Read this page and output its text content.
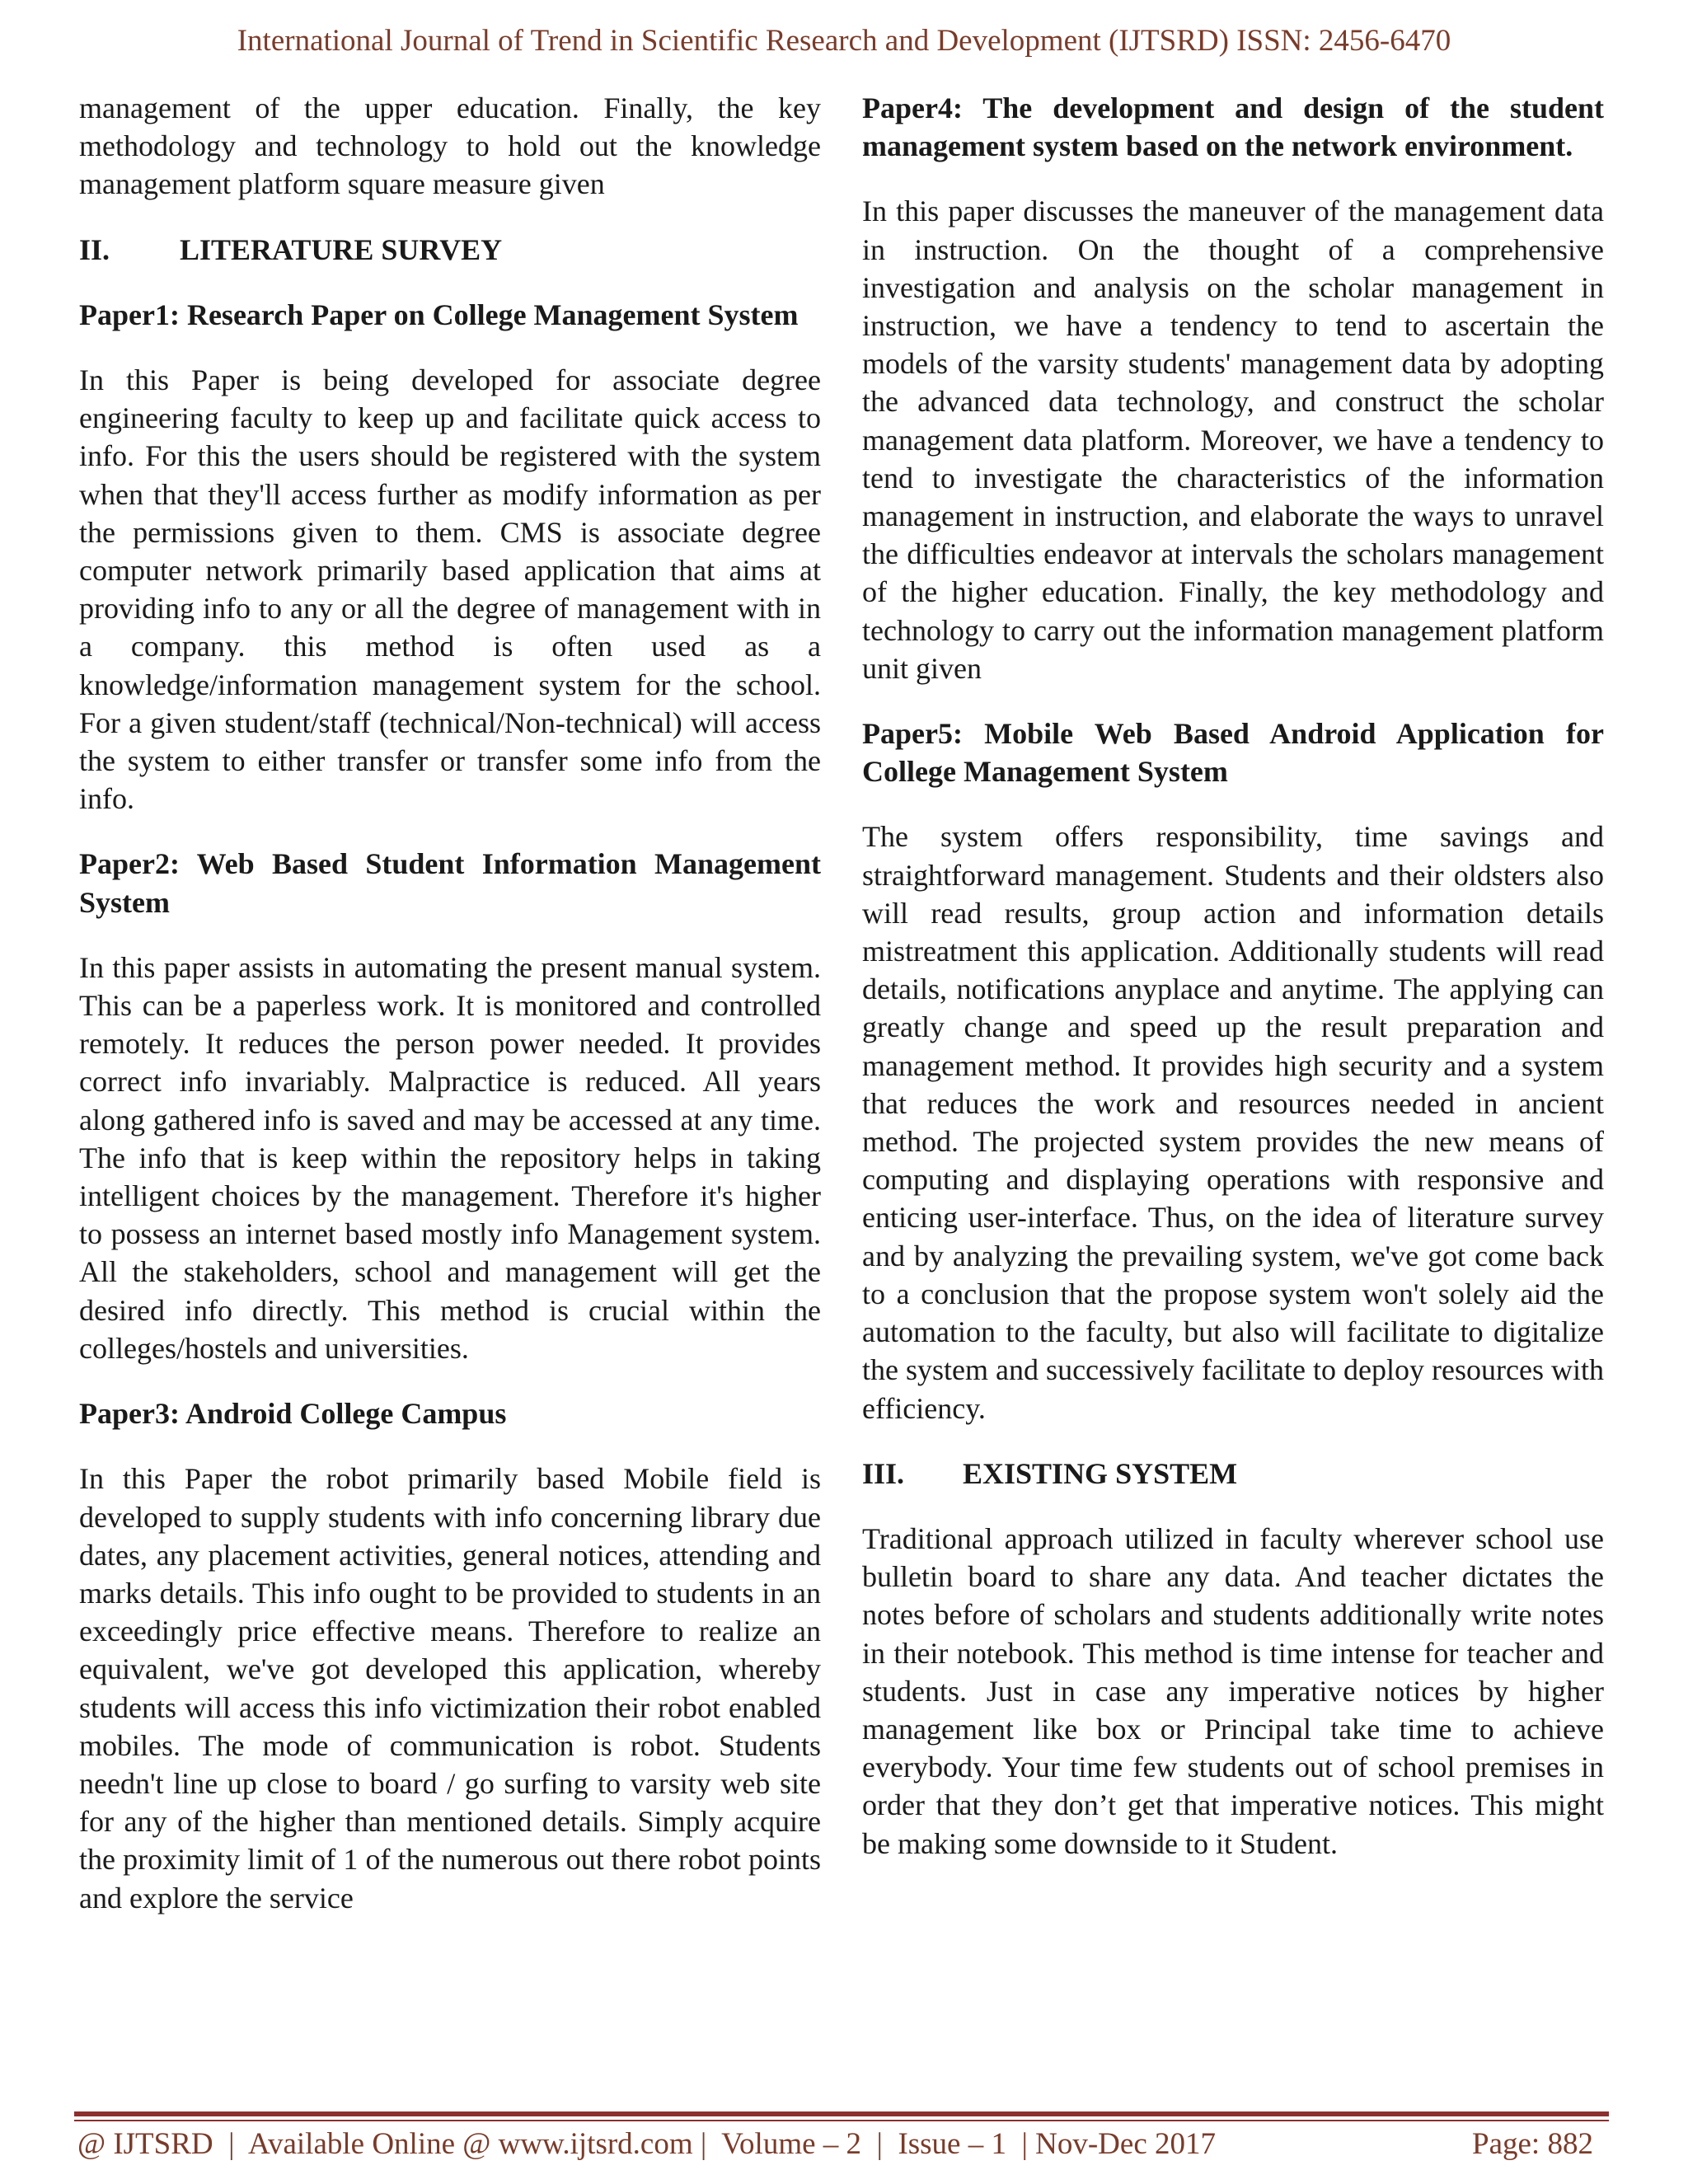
International Journal of Trend in Scientific Research and Development (IJTSRD) ISSN: 2456-6470

management of the upper education. Finally, the key methodology and technology to hold out the knowledge management platform square measure given

II. LITERATURE SURVEY
Paper1: Research Paper on College Management System

In this Paper is being developed for associate degree engineering faculty to keep up and facilitate quick access to info. For this the users should be registered with the system when that they'll access further as modify information as per the permissions given to them. CMS is associate degree computer network primarily based application that aims at providing info to any or all the degree of management with in a company. this method is often used as a knowledge/information management system for the school. For a given student/staff (technical/Non-technical) will access the system to either transfer or transfer some info from the info.

Paper2: Web Based Student Information Management System

In this paper assists in automating the present manual system. This can be a paperless work. It is monitored and controlled remotely. It reduces the person power needed. It provides correct info invariably. Malpractice is reduced. All years along gathered info is saved and may be accessed at any time. The info that is keep within the repository helps in taking intelligent choices by the management. Therefore it's higher to possess an internet based mostly info Management system. All the stakeholders, school and management will get the desired info directly. This method is crucial within the colleges/hostels and universities.

Paper3: Android College Campus

In this Paper the robot primarily based Mobile field is developed to supply students with info concerning library due dates, any placement activities, general notices, attending and marks details. This info ought to be provided to students in an exceedingly price effective means. Therefore to realize an equivalent, we've got developed this application, whereby students will access this info victimization their robot enabled mobiles. The mode of communication is robot. Students needn't line up close to board / go surfing to varsity web site for any of the higher than mentioned details. Simply acquire the proximity limit of 1 of the numerous out there robot points and explore the service

Paper4: The development and design of the student management system based on the network environment.

In this paper discusses the maneuver of the management data in instruction. On the thought of a comprehensive investigation and analysis on the scholar management in instruction, we have a tendency to tend to ascertain the models of the varsity students' management data by adopting the advanced data technology, and construct the scholar management data platform. Moreover, we have a tendency to tend to investigate the characteristics of the information management in instruction, and elaborate the ways to unravel the difficulties endeavor at intervals the scholars management of the higher education. Finally, the key methodology and technology to carry out the information management platform unit given

Paper5: Mobile Web Based Android Application for College Management System

The system offers responsibility, time savings and straightforward management. Students and their oldsters also will read results, group action and information details mistreatment this application. Additionally students will read details, notifications anyplace and anytime. The applying can greatly change and speed up the result preparation and management method. It provides high security and a system that reduces the work and resources needed in ancient method. The projected system provides the new means of computing and displaying operations with responsive and enticing user-interface. Thus, on the idea of literature survey and by analyzing the prevailing system, we've got come back to a conclusion that the propose system won't solely aid the automation to the faculty, but also will facilitate to digitalize the system and successively facilitate to deploy resources with efficiency.

III. EXISTING SYSTEM

Traditional approach utilized in faculty wherever school use bulletin board to share any data. And teacher dictates the notes before of scholars and students additionally write notes in their notebook. This method is time intense for teacher and students. Just in case any imperative notices by higher management like box or Principal take time to achieve everybody. Your time few students out of school premises in order that they don’t get that imperative notices. This might be making some downside to it Student.

@ IJTSRD  |  Available Online @ www.ijtsrd.com |  Volume – 2  |  Issue – 1  | Nov-Dec 2017	Page: 882
